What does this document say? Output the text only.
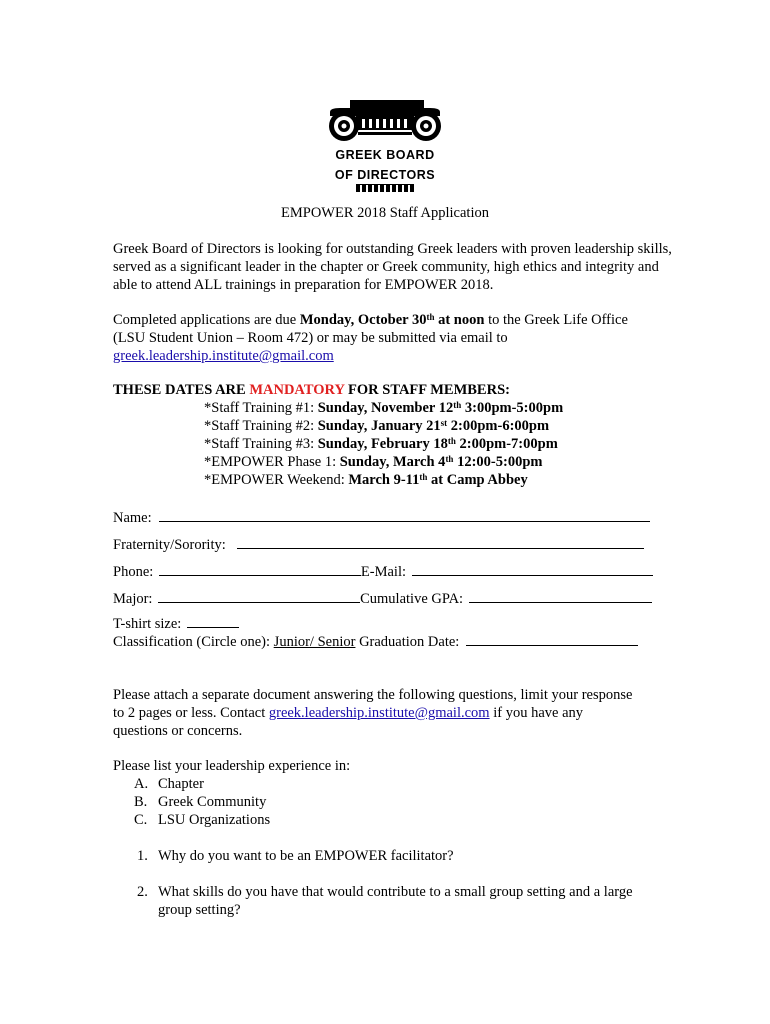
GREEK BOARD
OF DIRECTORS
EMPOWER 2018 Staff Application
Greek Board of Directors is looking for outstanding Greek leaders with proven leadership skills, served as a significant leader in the chapter or Greek community, high ethics and integrity and able to attend ALL trainings in preparation for EMPOWER 2018.
Completed applications are due Monday, October 30th at noon to the Greek Life Office
(LSU Student Union – Room 472) or may be submitted via email to
greek.leadership.institute@gmail.com
THESE DATES ARE MANDATORY FOR STAFF MEMBERS:
*Staff Training #1: Sunday, November 12th 3:00pm-5:00pm
*Staff Training #2: Sunday, January 21st 2:00pm-6:00pm
*Staff Training #3: Sunday, February 18th 2:00pm-7:00pm
*EMPOWER Phase 1: Sunday, March 4th 12:00-5:00pm
*EMPOWER Weekend: March 9-11th at Camp Abbey
Name:
Fraternity/Sorority:
Phone:	E-Mail:
Major:	Cumulative GPA:
T-shirt size:
Classification (Circle one): Junior/ Senior Graduation Date:
Please attach a separate document answering the following questions, limit your response
to 2 pages or less. Contact greek.leadership.institute@gmail.com if you have any
questions or concerns.
Please list your leadership experience in:
A. Chapter
B. Greek Community
C. LSU Organizations
1. Why do you want to be an EMPOWER facilitator?
2. What skills do you have that would contribute to a small group setting and a large
group setting?
